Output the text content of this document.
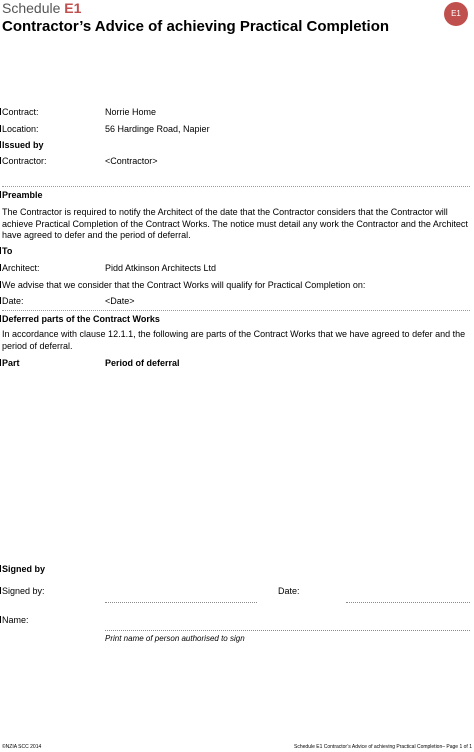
Schedule E1
Contractor’s Advice of achieving Practical Completion
E1
Contract:	Norrie Home
Location:	56 Hardinge Road, Napier
Issued by
Contractor:	<Contractor>
Preamble
The Contractor is required to notify the Architect of the date that the Contractor considers that the Contractor will achieve Practical Completion of the Contract Works. The notice must detail any work the Contractor and the Architect have agreed to defer and the period of deferral.
To
Architect:	Pidd Atkinson Architects Ltd
We advise that we consider that the Contract Works will qualify for Practical Completion on:
Date:	<Date>
Deferred parts of the Contract Works
In accordance with clause 12.1.1, the following are parts of the Contract Works that we have agreed to defer and the period of deferral.
Part	Period of deferral
Signed by
Signed by:	Date:
Name:
Print name of person authorised to sign
©NZIA SCC 2014	Schedule E1 Contractor’s Advice of achieving Practical Completion– Page 1 of 1
